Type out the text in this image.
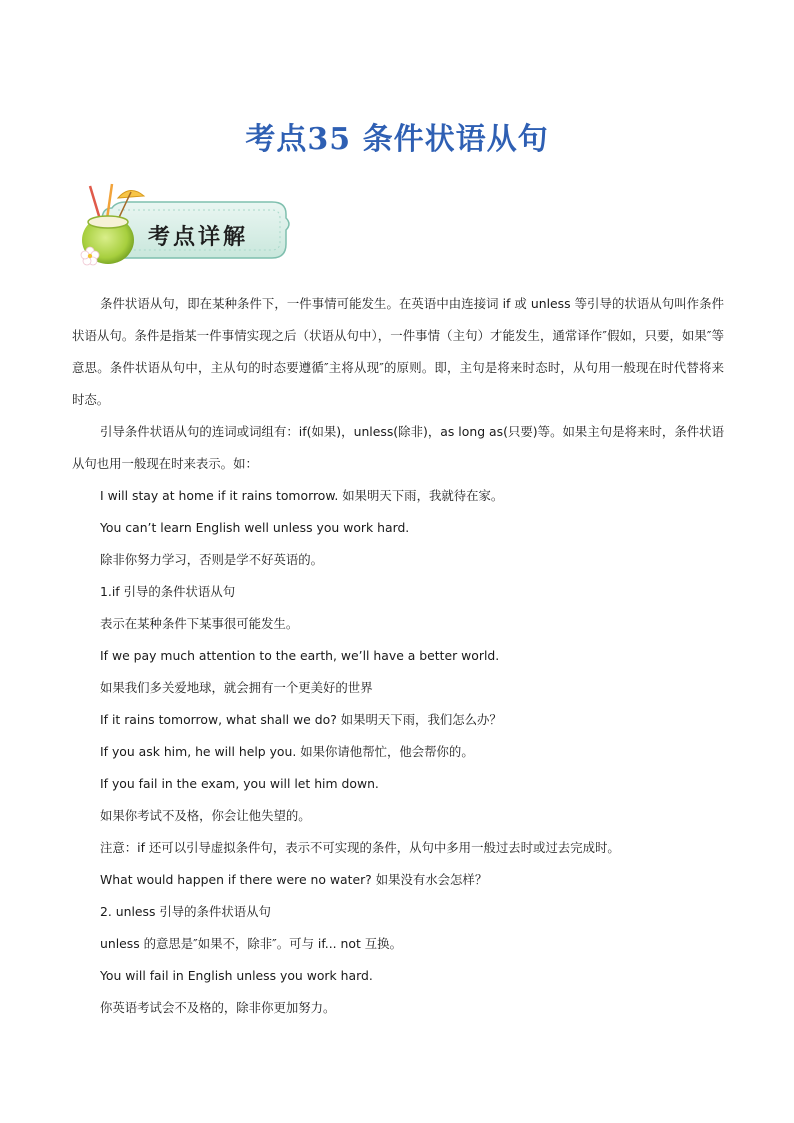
考点35 条件状语从句
考点详解

条件状语从句，即在某种条件下，一件事情可能发生。在英语中由连接词 if 或 unless 等引导的状语从句叫作条件状语从句。条件是指某一件事情实现之后（状语从句中），一件事情（主句）才能发生，通常译作″假如，只要，如果″等意思。条件状语从句中，主从句的时态要遵循″主将从现″的原则。即，主句是将来时态时，从句用一般现在时代替将来时态。

引导条件状语从句的连词或词组有：if(如果)，unless(除非)，as long as(只要)等。如果主句是将来时，条件状语从句也用一般现在时来表示。如：

I will stay at home if it rains tomorrow. 如果明天下雨，我就待在家。

You can’t learn English well unless you work hard.

除非你努力学习，否则是学不好英语的。

1.if 引导的条件状语从句

表示在某种条件下某事很可能发生。

If we pay much attention to the earth, we’ll have a better world.

如果我们多关爱地球，就会拥有一个更美好的世界

If it rains tomorrow, what shall we do? 如果明天下雨，我们怎么办？

If you ask him, he will help you. 如果你请他帮忙，他会帮你的。

If you fail in the exam, you will let him down.

如果你考试不及格，你会让他失望的。

注意：if 还可以引导虚拟条件句，表示不可实现的条件，从句中多用一般过去时或过去完成时。

What would happen if there were no water? 如果没有水会怎样？

2. unless 引导的条件状语从句

unless 的意思是″如果不，除非″。可与 if... not 互换。

You will fail in English unless you work hard.

你英语考试会不及格的，除非你更加努力。
